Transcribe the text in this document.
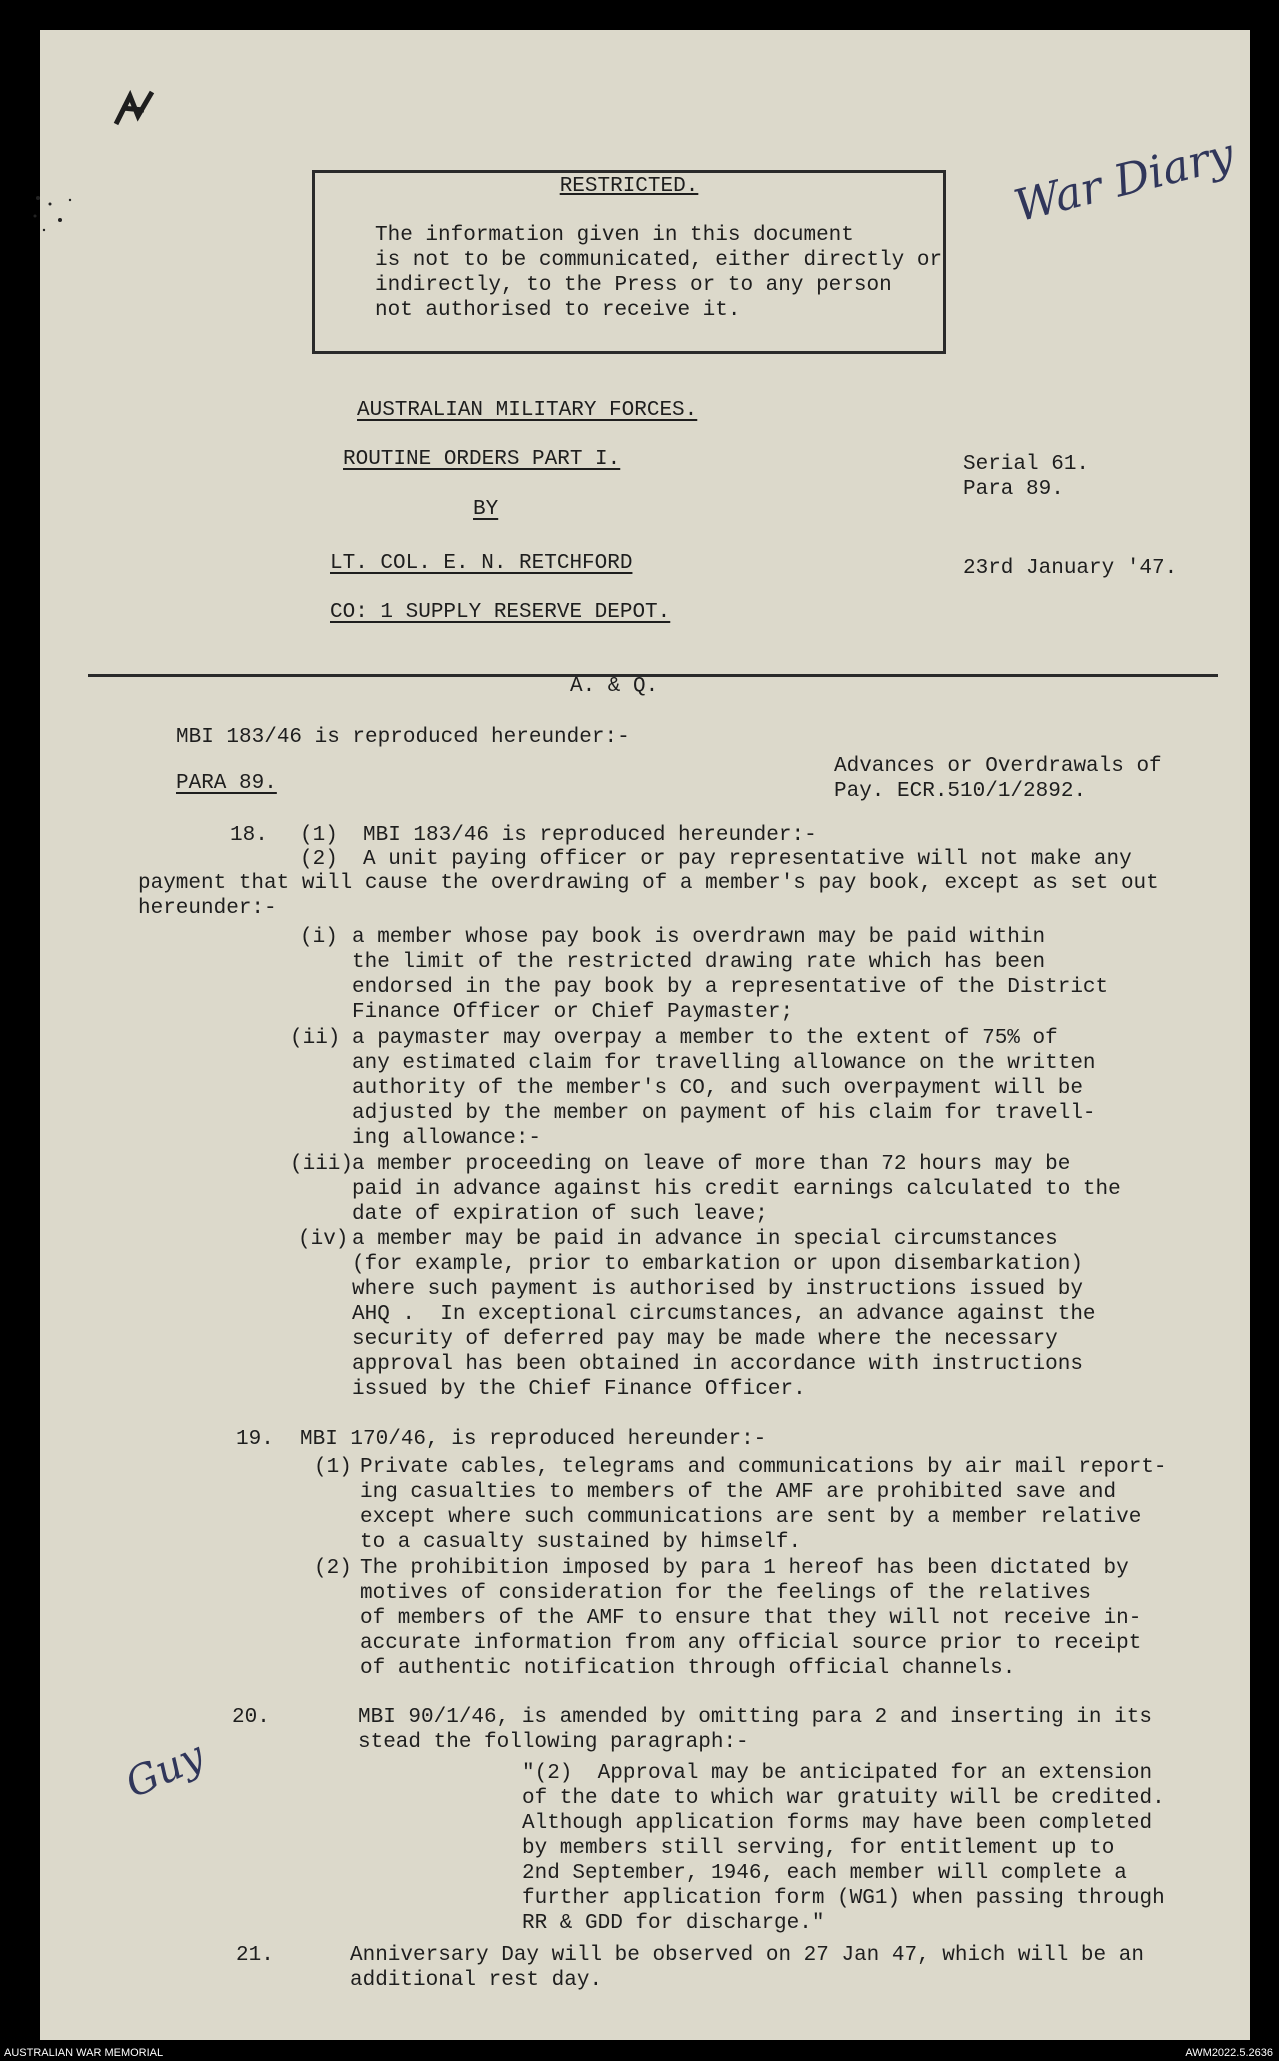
RESTRICTED.
The information given in this document
is not to be communicated, either directly or
indirectly, to the Press or to any person
not authorised to receive it.
War Diary
AUSTRALIAN MILITARY FORCES.
ROUTINE ORDERS PART I.
BY
LT. COL. E. N. RETCHFORD
CO: 1 SUPPLY RESERVE DEPOT.
Serial 61.
Para 89.
23rd January '47.
A. & Q.
MBI 183/46 is reproduced hereunder:-
PARA 89.
Advances or Overdrawals of
Pay. ECR.510/1/2892.
18. (1)  MBI 183/46 is reproduced hereunder:-
(2)  A unit paying officer or pay representative will not make any
payment that will cause the overdrawing of a member's pay book, except as set out
hereunder:-
(i) a member whose pay book is overdrawn may be paid within
the limit of the restricted drawing rate which has been
endorsed in the pay book by a representative of the District
Finance Officer or Chief Paymaster;
(ii) a paymaster may overpay a member to the extent of 75% of
any estimated claim for travelling allowance on the written
authority of the member's CO, and such overpayment will be
adjusted by the member on payment of his claim for travell-
ing allowance:-
(iii)
a member proceeding on leave of more than 72 hours may be
paid in advance against his credit earnings calculated to the
date of expiration of such leave;
(iv) a member may be paid in advance in special circumstances
(for example, prior to embarkation or upon disembarkation)
where such payment is authorised by instructions issued by
AHQ .  In exceptional circumstances, an advance against the
security of deferred pay may be made where the necessary
approval has been obtained in accordance with instructions
issued by the Chief Finance Officer.
19. MBI 170/46, is reproduced hereunder:-
(1) Private cables, telegrams and communications by air mail report-
ing casualties to members of the AMF are prohibited save and
except where such communications are sent by a member relative
to a casualty sustained by himself.
(2) The prohibition imposed by para 1 hereof has been dictated by
motives of consideration for the feelings of the relatives
of members of the AMF to ensure that they will not receive in-
accurate information from any official source prior to receipt
of authentic notification through official channels.
20.	MBI 90/1/46, is amended by omitting para 2 and inserting in its
stead the following paragraph:-
"(2)  Approval may be anticipated for an extension
of the date to which war gratuity will be credited.
Although application forms may have been completed
by members still serving, for entitlement up to
2nd September, 1946, each member will complete a
further application form (WG1) when passing through
RR & GDD for discharge."
Guy
21.	Anniversary Day will be observed on 27 Jan 47, which will be an
additional rest day.
AUSTRALIAN WAR MEMORIAL	AWM2022.5.2636
